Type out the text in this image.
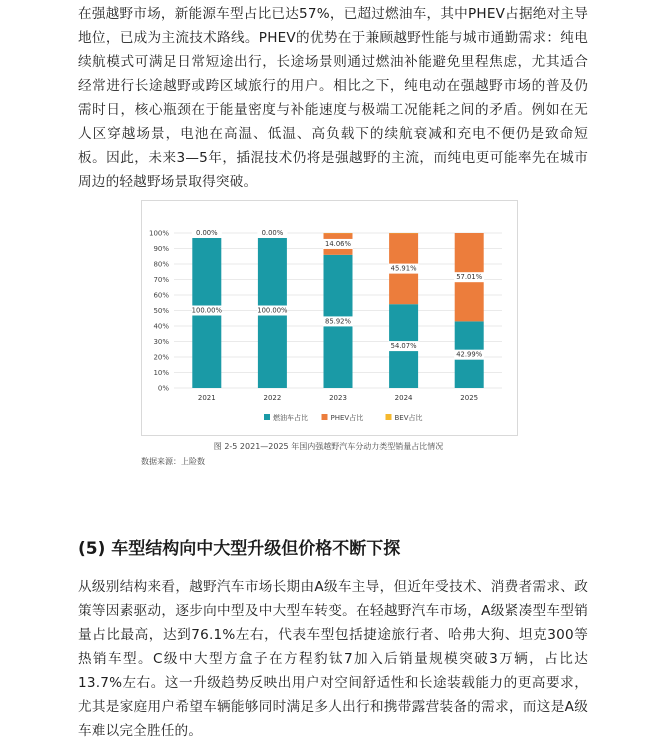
在强越野市场，新能源车型占比已达57%，已超过燃油车，其中PHEV占据绝对主导地位，已成为主流技术路线。PHEV的优势在于兼顾越野性能与城市通勤需求：纯电续航模式可满足日常短途出行，长途场景则通过燃油补能避免里程焦虑，尤其适合经常进行长途越野或跨区域旅行的用户。相比之下，纯电动在强越野市场的普及仍需时日，核心瓶颈在于能量密度与补能速度与极端工况能耗之间的矛盾。例如在无人区穿越场景，电池在高温、低温、高负载下的续航衰减和充电不便仍是致命短板。因此，未来3—5年，插混技术仍将是强越野的主流，而纯电更可能率先在城市周边的轻越野场景取得突破。

0%
10%
20%
30%
40%
50%
60%
70%
80%
90%
100%
100.00%
0.00%
2021
100.00%
0.00%
2022
85.92%
14.06%
2023
54.07%
45.91%
2024
42.99%
57.01%
2025
燃油车占比	PHEV占比	BEV占比

图 2-5 2021—2025 年国内强越野汽车分动力类型销量占比情况

数据来源：上险数

(5) 车型结构向中大型升级但价格不断下探

从级别结构来看，越野汽车市场长期由A级车主导，但近年受技术、消费者需求、政策等因素驱动，逐步向中型及中大型车转变。在轻越野汽车市场，A级紧凑型车型销量占比最高，达到76.1%左右，代表车型包括捷途旅行者、哈弗大狗、坦克300等热销车型。C级中大型方盒子在方程豹钛7加入后销量规模突破3万辆，占比达13.7%左右。这一升级趋势反映出用户对空间舒适性和长途装载能力的更高要求，尤其是家庭用户希望车辆能够同时满足多人出行和携带露营装备的需求，而这是A级车难以完全胜任的。
